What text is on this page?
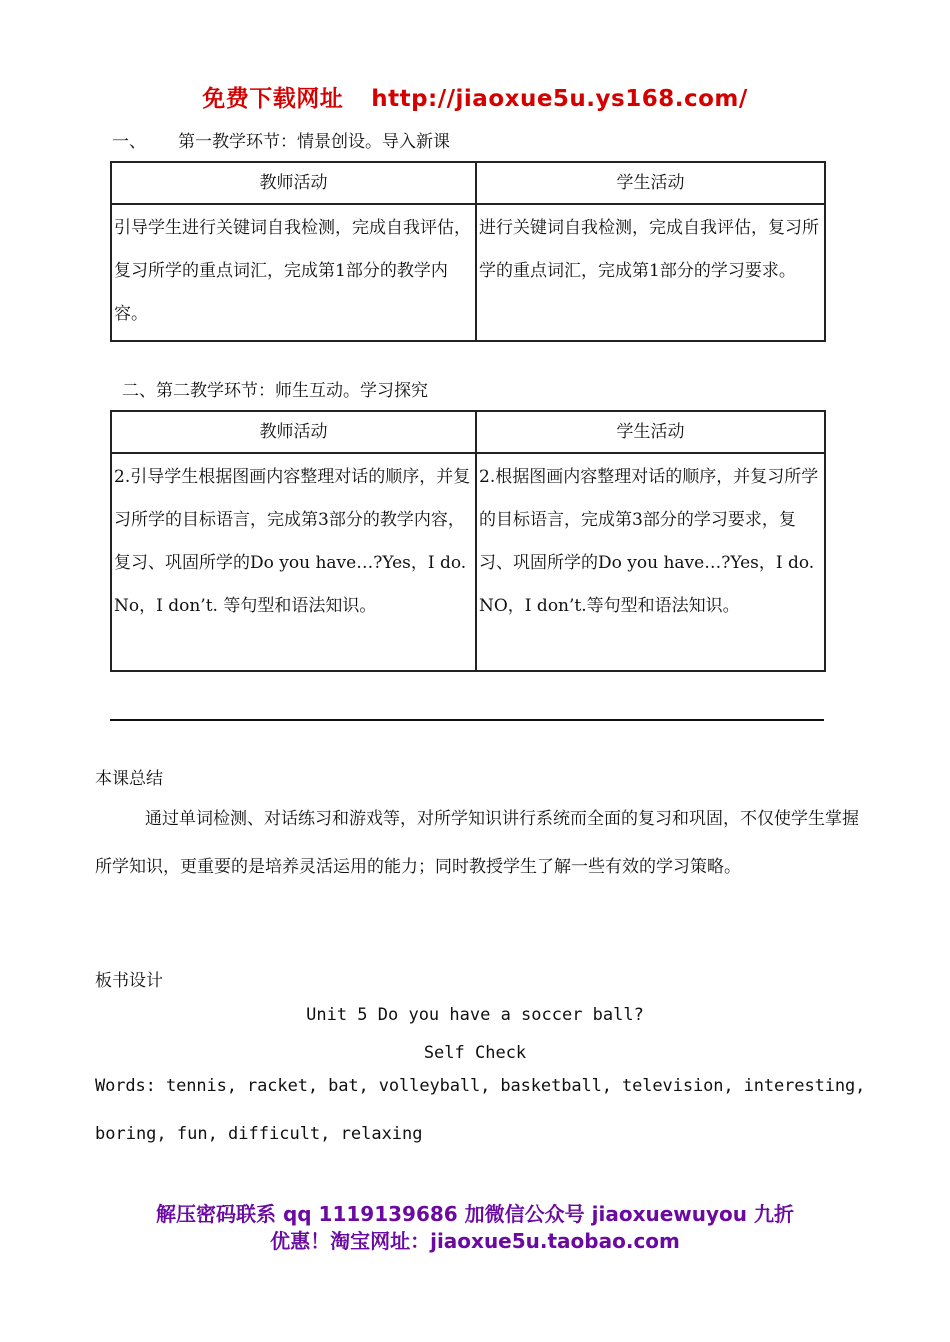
免费下载网址 http://jiaoxue5u.ys168.com/
一、 第一教学环节：情景创设。导入新课
教师活动	学生活动
引导学生进行关键词自我检测，完成自我评估，复习所学的重点词汇，完成第1部分的教学内容。	进行关键词自我检测，完成自我评估，复习所学的重点词汇，完成第1部分的学习要求。
二、第二教学环节：师生互动。学习探究
教师活动	学生活动
2.引导学生根据图画内容整理对话的顺序，并复习所学的目标语言，完成第3部分的教学内容，复习、巩固所学的Do you have…?Yes，I do. No，I don’t. 等句型和语法知识。	2.根据图画内容整理对话的顺序，并复习所学的目标语言，完成第3部分的学习要求，复习、巩固所学的Do you have…?Yes，I do.NO，I don’t.等句型和语法知识。
本课总结
通过单词检测、对话练习和游戏等，对所学知识讲行系统而全面的复习和巩固，不仅使学生掌握所学知识，更重要的是培养灵活运用的能力；同时教授学生了解一些有效的学习策略。
板书设计
Unit 5 Do you have a soccer ball?
Self Check
Words: tennis, racket, bat, volleyball, basketball, television, interesting,
boring, fun, difficult, relaxing
解压密码联系 qq 1119139686 加微信公众号 jiaoxuewuyou 九折
优惠！淘宝网址：jiaoxue5u.taobao.com
